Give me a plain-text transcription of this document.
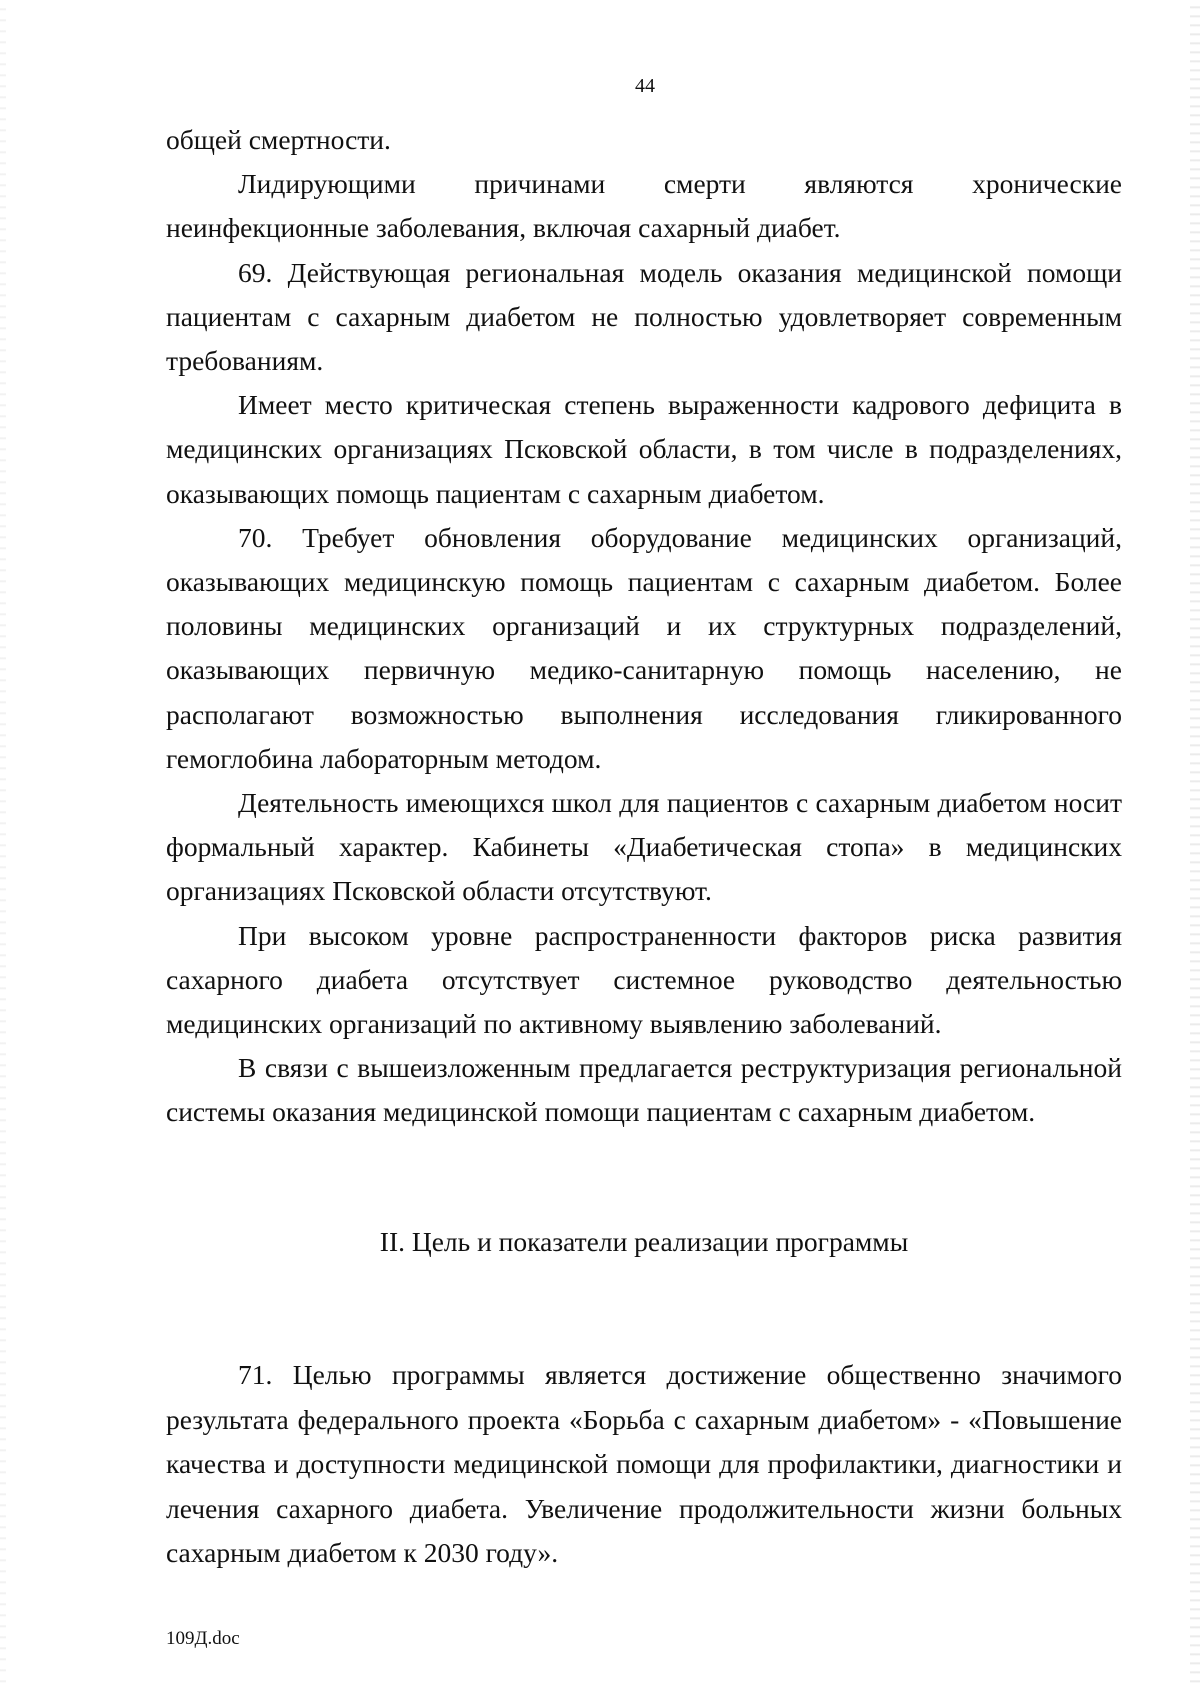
44

общей смертности.

Лидирующими причинами смерти являются хронические неинфекционные заболевания, включая сахарный диабет.

69. Действующая региональная модель оказания медицинской помощи пациентам с сахарным диабетом не полностью удовлетворяет современным требованиям.

Имеет место критическая степень выраженности кадрового дефицита в медицинских организациях Псковской области, в том числе в подразделениях, оказывающих помощь пациентам с сахарным диабетом.

70. Требует обновления оборудование медицинских организаций, оказывающих медицинскую помощь пациентам с сахарным диабетом. Более половины медицинских организаций и их структурных подразделений, оказывающих первичную медико-санитарную помощь населению, не располагают возможностью выполнения исследования гликированного гемоглобина лабораторным методом.

Деятельность имеющихся школ для пациентов с сахарным диабетом носит формальный характер. Кабинеты «Диабетическая стопа» в медицинских организациях Псковской области отсутствуют.

При высоком уровне распространенности факторов риска развития сахарного диабета отсутствует системное руководство деятельностью медицинских организаций по активному выявлению заболеваний.

В связи с вышеизложенным предлагается реструктуризация региональной системы оказания медицинской помощи пациентам с сахарным диабетом.

II. Цель и показатели реализации программы

71. Целью программы является достижение общественно значимого результата федерального проекта «Борьба с сахарным диабетом» - «Повышение качества и доступности медицинской помощи для профилактики, диагностики и лечения сахарного диабета. Увеличение продолжительности жизни больных сахарным диабетом к 2030 году».

109Д.doc
